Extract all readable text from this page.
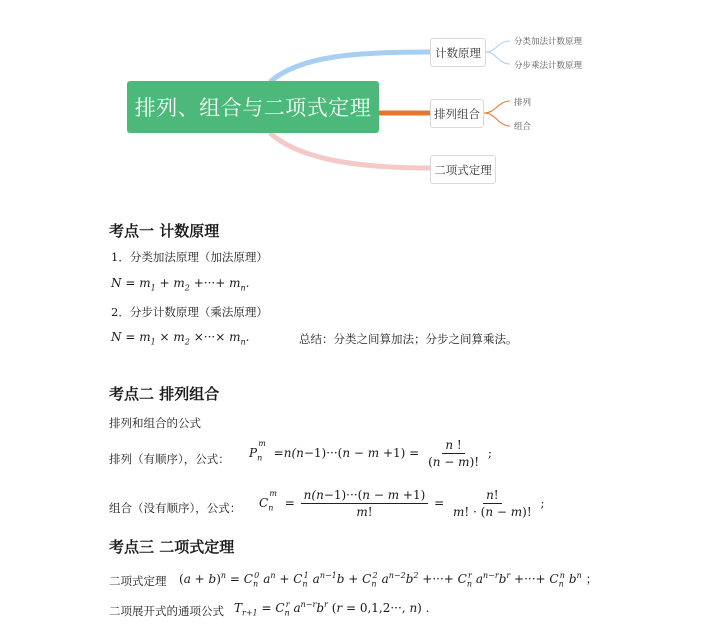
排列、组合与二项式定理
计数原理
排列组合
二项式定理
分类加法计数原理
分步乘法计数原理
排列
组合
考点一 计数原理
1．分类加法原理（加法原理）
$N = m_1 + m_2$ +···+ $m_n$.
2．分步计数原理（乘法原理）
$N = m_1 \times m_2$ ×···× $m_n$.	总结：分类之间算加法；分步之间算乘法。
考点二 排列组合
排列和组合的公式
排列（有顺序），公式： $P_n^m =n(n-1)\cdot\cdot\cdot(n - m +1) = \frac{n !}{(n - m)!}$ ;
组合（没有顺序），公式： $C_n^m = \frac{n(n-1)\cdot\cdot\cdot(n - m +1)}{m!} = \frac{n!}{m! \cdot (n - m)!}$ ;
考点三 二项式定理
二项式定理 $(a + b)^n = C_n^0$ $a^n + C_n^1$ $a^{n-1}b + C_n^2$ $a^{n-2}b^2$ +···+ $C_n^r$ $a^{n-r}b^r$ +···+ $C_n^n$ $b^n$ ；
二项展开式的通项公式 $T_{r+1} = C_n^r$ $a^{n-r}b^r$ (r = 0,1,2···, n) .
